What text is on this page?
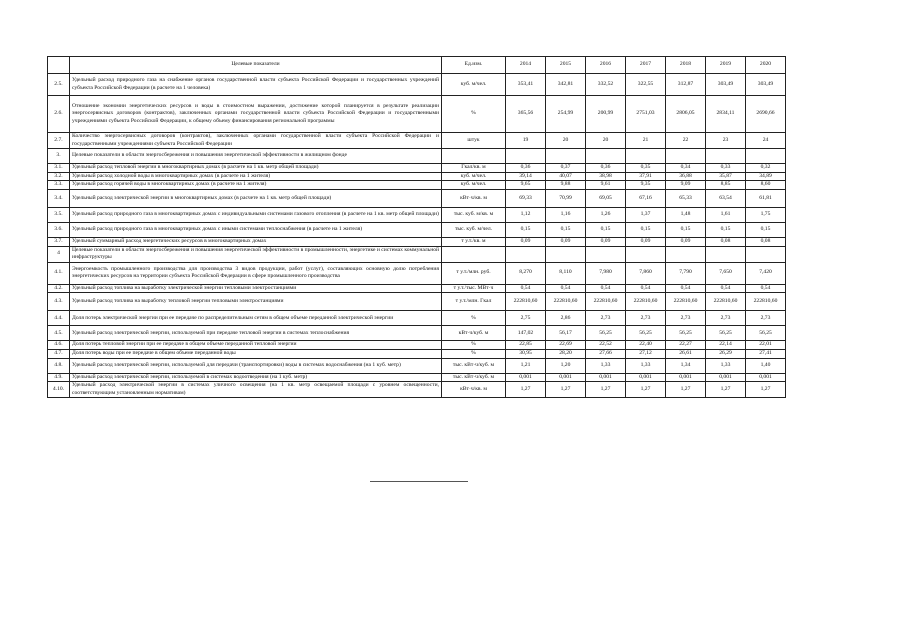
	Целевые показатели	Ед.изм.	2014	2015	2016	2017	2018	2019	2020
2.5.	Удельный расход природного газа на снабжение органов государственной власти субъекта Российской Федерации и государственных учреждений субъекта Российской Федерации (в расчете на 1 человека)	куб. м/чел.	353,41	342,81	332,52	322,55	312,87	303,49	303,49
2.6.	Отношение экономии энергетических ресурсов и воды в стоимостном выражении, достижение которой планируется в результате реализации энергосервисных договоров (контрактов), заключенных органами государственной власти субъекта Российской Федерации и государственными учреждениями субъекта Российской Федерации, к общему объему финансирования региональной программы	%	365,56	254,99	200,99	2751,03	2806,05	2834,11	2690,66
2.7.	Количество энергосервисных договоров (контрактов), заключенных органами государственной власти субъекта Российской Федерации и государственными учреждениями субъекта Российской Федерации	штук	19	20	20	21	22	23	24
3.	Целевые показатели в области энергосбережения и повышения энергетической эффективности в жилищном фонде								
3.1.	Удельный расход тепловой энергии в многоквартирных домах (в расчете на 1 кв. метр общей площади)	Гкал/кв. м	0,36	0,37	0,36	0,35	0,34	0,33	0,32
3.2.	Удельный расход холодной воды в многоквартирных домах (в расчете на 1 жителя)	куб. м/чел.	39,14	40,07	38,98	37,91	36,88	35,87	34,89
3.3.	Удельный расход горячей воды в многоквартирных домах (в расчете на 1 жителя)	куб. м/чел.	9,65	9,88	9,61	9,35	9,09	8,85	8,60
3.4.	Удельный расход электрической энергии в многоквартирных домах (в расчете на 1 кв. метр общей площади)	кВт·ч/кв. м	69,33	70,99	69,05	67,16	65,33	63,54	61,81
3.5.	Удельный расход природного газа в многоквартирных домах с индивидуальными системами газового отопления (в расчете на 1 кв. метр общей площади)	тыс. куб. м/кв. м	1,12	1,16	1,26	1,37	1,48	1,61	1,75
3.6.	Удельный расход природного газа в многоквартирных домах с иными системами теплоснабжения (в расчете на 1 жителя)	тыс. куб. м/чел.	0,15	0,15	0,15	0,15	0,15	0,15	0,15
3.7.	Удельный суммарный расход энергетических ресурсов в многоквартирных домах	т у.т./кв. м	0,09	0,09	0,09	0,09	0,09	0,08	0,08
4	Целевые показатели в области энергосбережения и повышения энергетической эффективности в промышленности, энергетике и системах коммунальной инфраструктуры								
4.1.	Энергоемкость промышленного производства для производства 3 видов продукции, работ (услуг), составляющих основную долю потребления энергетических ресурсов на территории субъекта Российской Федерации в сфере промышленного производства	т у.т./млн. руб.	8,270	8,110	7,980	7,860	7,790	7,650	7,420
4.2.	Удельный расход топлива на выработку электрической энергии тепловыми электростанциями	т у.т./тыс. МВт·ч	0,54	0,54	0,54	0,54	0,54	0,54	0,54
4.3.	Удельный расход топлива на выработку тепловой энергии тепловыми электростанциями	т у.т./млн. Гкал	222810,60	222810,60	222810,60	222810,60	222810,60	222810,60	222810,60
4.4.	Доля потерь электрической энергии при ее передаче по распределительным сетям в общем объеме переданной электрической энергии	%	2,75	2,86	2,73	2,73	2,73	2,73	2,73
4.5.	Удельный расход электрической энергии, используемой при передаче тепловой энергии в системах теплоснабжения	кВт·ч/куб. м	147,02	56,17	56,25	56,25	56,25	56,25	56,25
4.6.	Доля потерь тепловой энергии при ее передаче в общем объеме переданной тепловой энергии	%	22,85	22,69	22,52	22,40	22,27	22,14	22,01
4.7.	Доля потерь воды при ее передаче в общем объеме переданной воды	%	30,95	28,20	27,66	27,12	26,61	26,29	27,41
4.8.	Удельный расход электрической энергии, используемой для передачи (транспортировки) воды в системах водоснабжения (на 1 куб. метр)	тыс. кВт·ч/куб. м	1,21	1,20	1,33	1,33	1,34	1,33	1,40
4.9.	Удельный расход электрической энергии, используемой в системах водоотведения (на 1 куб. метр)	тыс. кВт·ч/куб. м	0,001	0,001	0,001	0,001	0,001	0,001	0,001
4.10.	Удельный расход электрической энергии в системах уличного освещения (на 1 кв. метр освещаемой площади с уровнем освещенности, соответствующим установленным нормативам)	кВт·ч/кв. м	1,27	1,27	1,27	1,27	1,27	1,27	1,27
